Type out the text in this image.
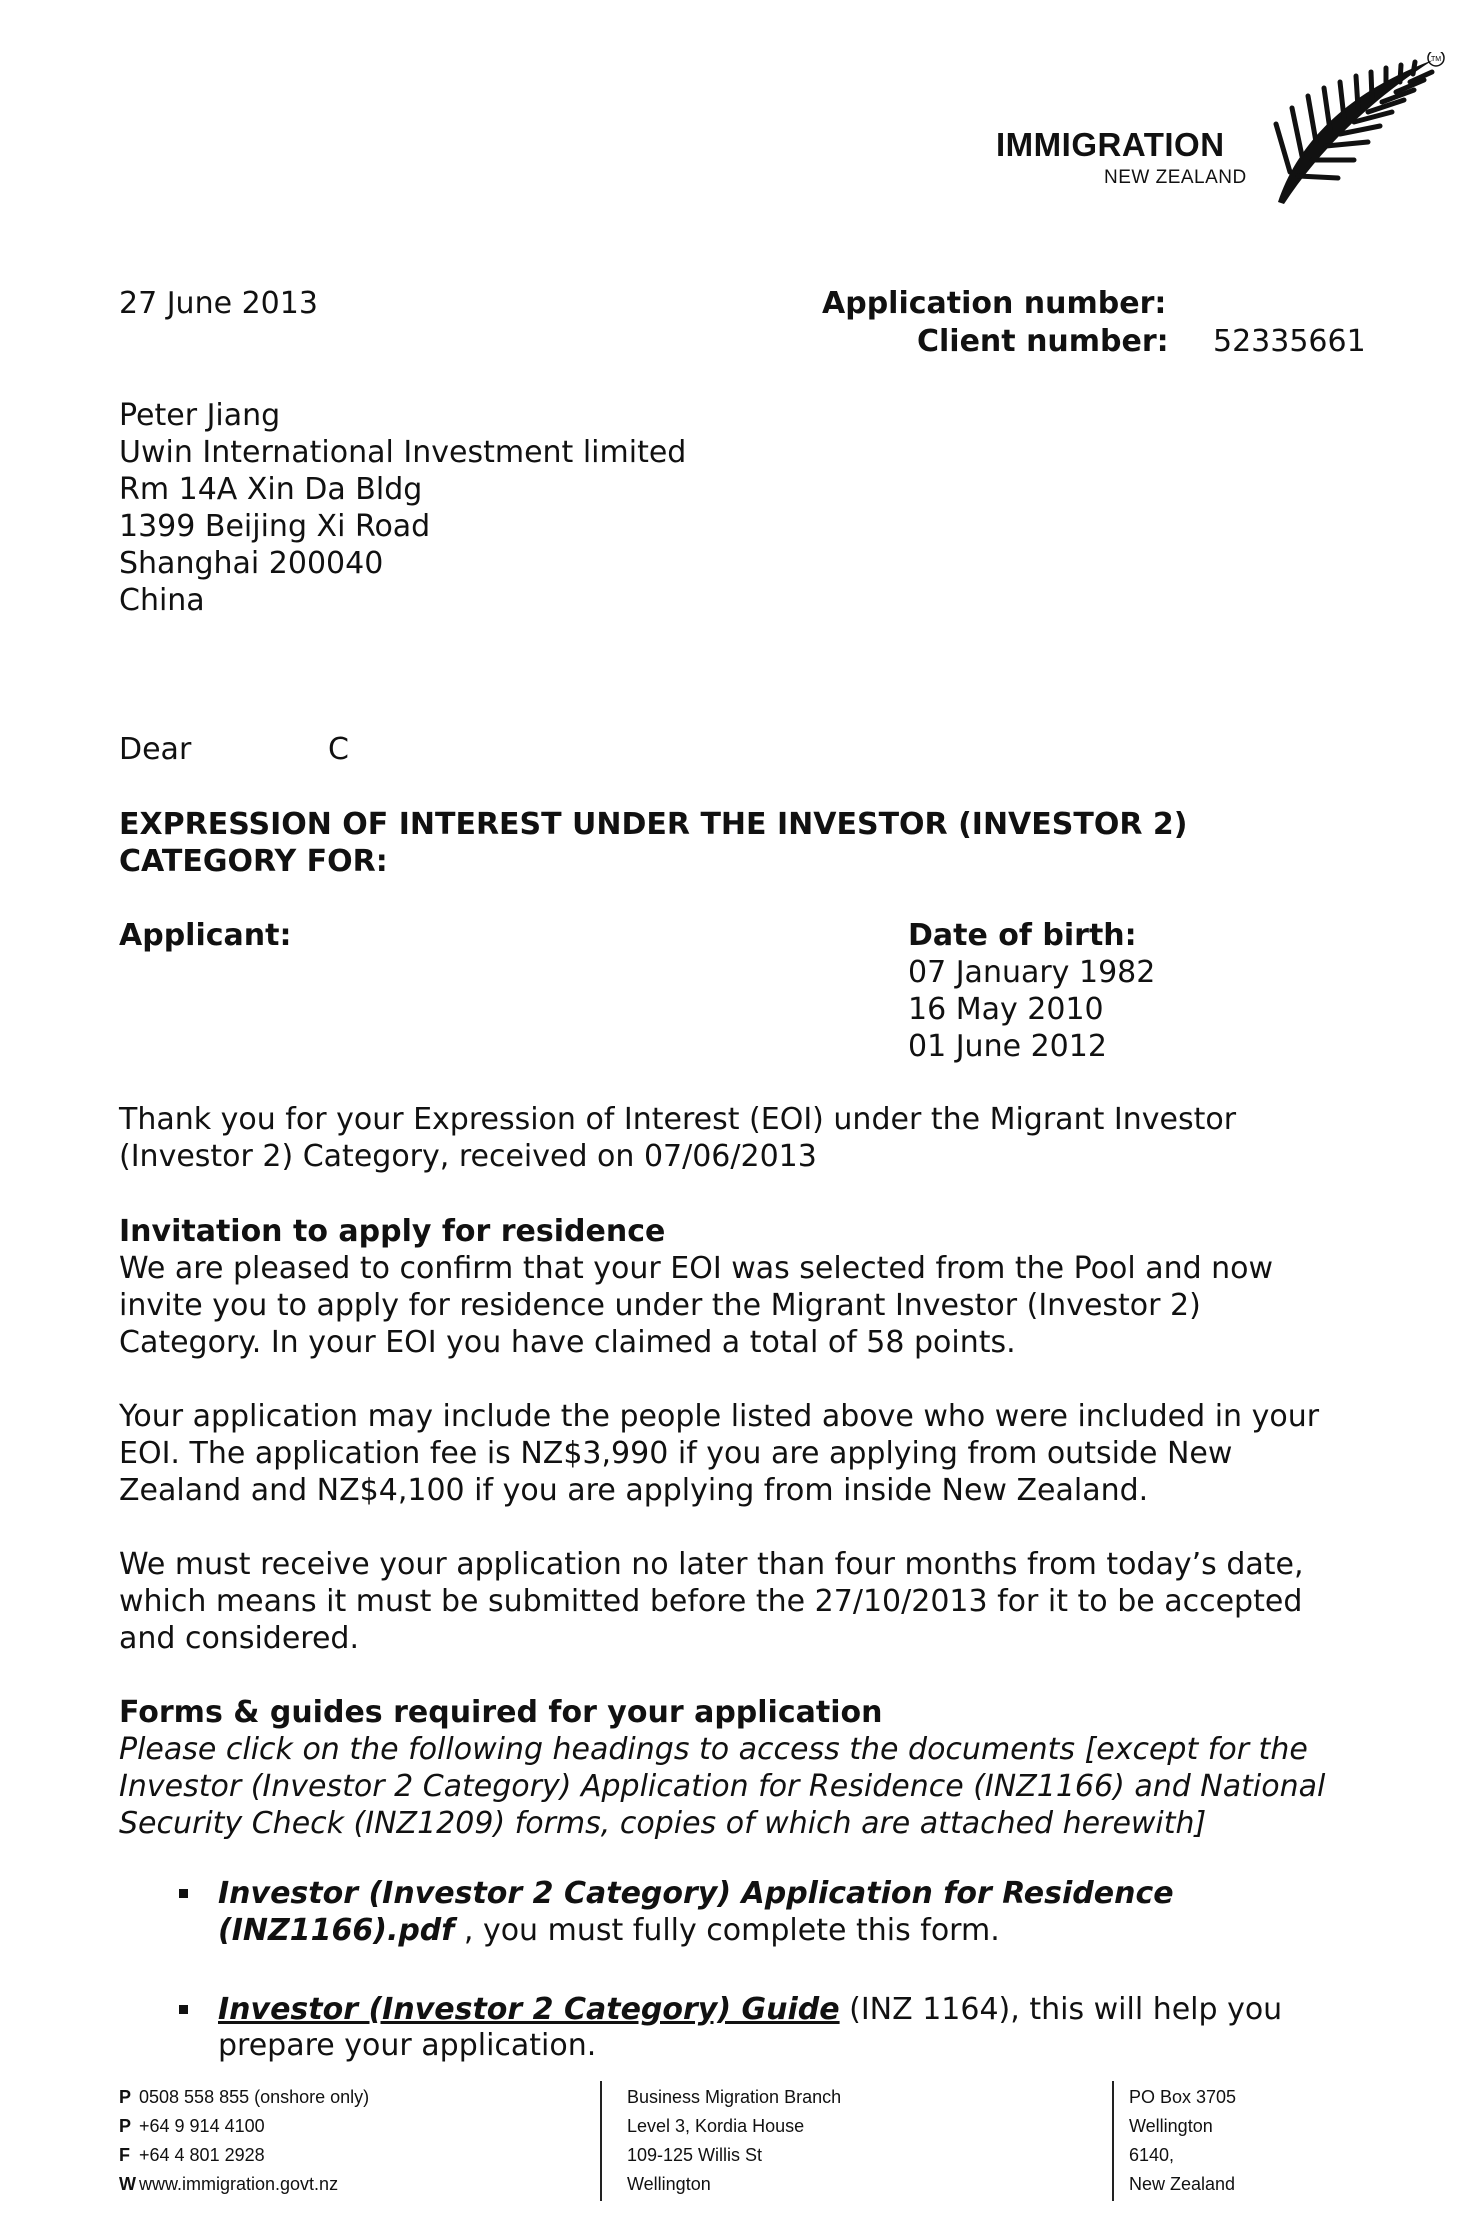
IMMIGRATION
NEW ZEALAND
TM
27 June 2013	Application number:
Client number: 52335661
Peter Jiang
Uwin International Investment limited
Rm 14A Xin Da Bldg
1399 Beijing Xi Road
Shanghai 200040
China
Dear	C
EXPRESSION OF INTEREST UNDER THE INVESTOR (INVESTOR 2)
CATEGORY FOR:
Applicant:	Date of birth:
07 January 1982
16 May 2010
01 June 2012
Thank you for your Expression of Interest (EOI) under the Migrant Investor
(Investor 2) Category, received on 07/06/2013
Invitation to apply for residence
We are pleased to confirm that your EOI was selected from the Pool and now
invite you to apply for residence under the Migrant Investor (Investor 2)
Category. In your EOI you have claimed a total of 58 points.
Your application may include the people listed above who were included in your
EOI. The application fee is NZ$3,990 if you are applying from outside New
Zealand and NZ$4,100 if you are applying from inside New Zealand.
We must receive your application no later than four months from today’s date,
which means it must be submitted before the 27/10/2013 for it to be accepted
and considered.
Forms & guides required for your application
Please click on the following headings to access the documents [except for the
Investor (Investor 2 Category) Application for Residence (INZ1166) and National
Security Check (INZ1209) forms, copies of which are attached herewith]
Investor (Investor 2 Category) Application for Residence
(INZ1166).pdf , you must fully complete this form.
Investor (Investor 2 Category) Guide (INZ 1164), this will help you
prepare your application.
P 0508 558 855 (onshore only)
P +64 9 914 4100
F +64 4 801 2928
W www.immigration.govt.nz
Business Migration Branch
Level 3, Kordia House
109-125 Willis St
Wellington
PO Box 3705
Wellington
6140,
New Zealand
